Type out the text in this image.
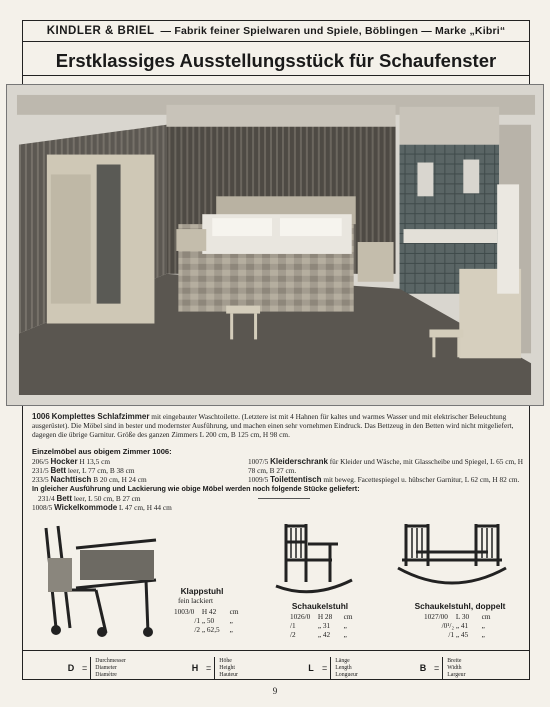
KINDLER & BRIEL — Fabrik feiner Spielwaren und Spiele, Böblingen — Marke „Kibri“
Erstklassiges Ausstellungsstück für Schaufenster
1006 Komplettes Schlafzimmer mit eingebauter Waschtoilette. (Letztere ist mit 4 Hahnen für kaltes und warmes Wasser und mit elektrischer Beleuchtung ausgerüstet). Die Möbel sind in bester und modernster Ausführung, und machen einen sehr vornehmen Eindruck. Das Bettzeug in den Betten wird nicht mitgeliefert, dagegen die übrige Garnitur. Größe des ganzen Zimmers L 200 cm, B 125 cm, H 98 cm.
Einzelmöbel aus obigem Zimmer 1006:
206/5 Hocker H 13,5 cm
231/5 Bett leer, L 77 cm, B 38 cm
233/5 Nachttisch B 20 cm, H 24 cm
1007/5 Kleiderschrank für Kleider und Wäsche, mit Glasscheibe und Spiegel, L 65 cm, H 78 cm, B 27 cm.
1009/5 Toilettentisch mit beweg. Facettespiegel u. hübscher Garnitur, L 62 cm, H 82 cm.
In gleicher Ausführung und Lackierung wie obige Möbel werden noch folgende Stücke geliefert:
231/4 Bett leer, L 50 cm, B 27 cm
1008/5 Wickelkommode L 47 cm, H 44 cm
Klappstuhl
fein lackiert
1003/0 H 42 cm
/1 „ 50 „
/2 „ 62,5 „
Schaukelstuhl
1026/0 H 28 cm
/1	„ 31 „
/2	„ 42 „
Schaukelstuhl, doppelt
1027/00 L 30 cm
/0¹/₂ „ 41 „
/1 „ 45 „
D =
Durchmesser
Diameter
Diamètre
H =
Höhe
Height
Hauteur
L =
Länge
Length
Longueur
B =
Breite
Width
Largeur
9
